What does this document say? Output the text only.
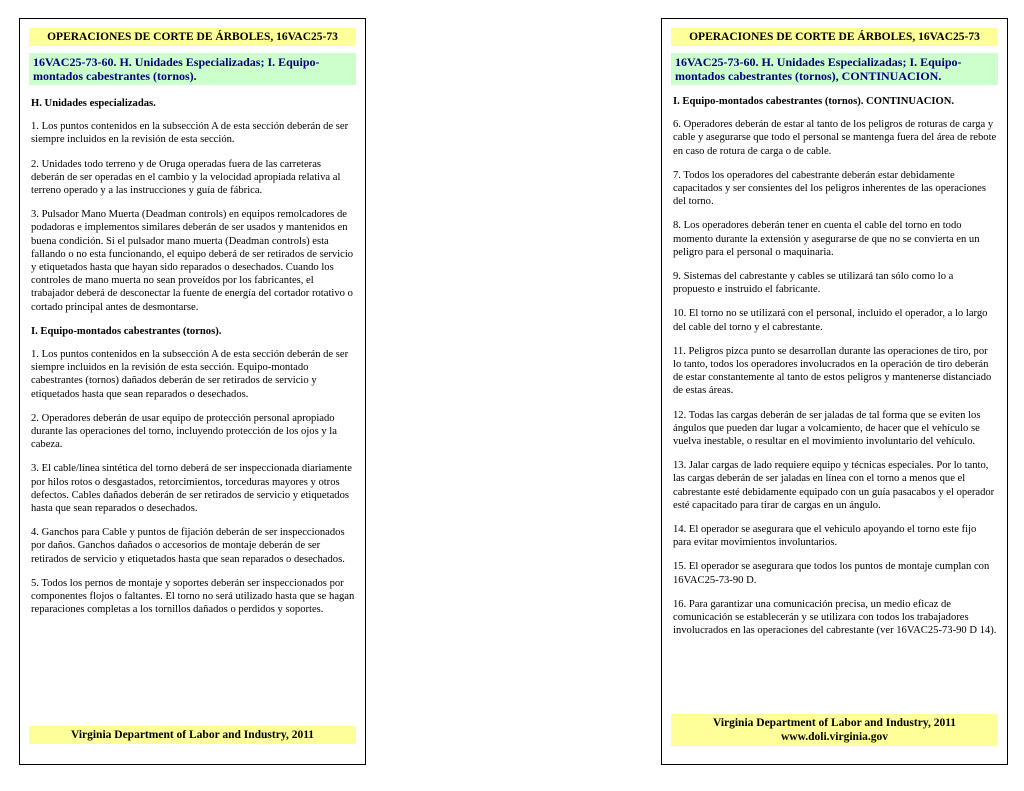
OPERACIONES DE CORTE DE ÁRBOLES, 16VAC25-73
16VAC25-73-60. H. Unidades Especializadas; I. Equipo-montados cabestrantes (tornos).

H. Unidades especializadas.

1. Los puntos contenidos en la subsección A de esta sección deberán de ser siempre incluidos en la revisión de esta sección.

2. Unidades todo terreno y de Oruga operadas fuera de las carreteras deberán de ser operadas en el cambio y la velocidad apropiada relativa al terreno operado y a las instrucciones y guía de fábrica.

3. Pulsador Mano Muerta (Deadman controls) en equipos remolcadores de podadoras e implementos similares deberán de ser usados y mantenidos en buena condición. Si el pulsador mano muerta (Deadman controls) esta fallando o no esta funcionando, el equipo deberá de ser retirados de servicio y etiquetados hasta que hayan sido reparados o desechados. Cuando los controles de mano muerta no sean proveídos por los fabricantes, el trabajador deberá de desconectar la fuente de energía del cortador rotativo o cortado principal antes de desmontarse.

I. Equipo-montados cabestrantes (tornos).

1. Los puntos contenidos en la subsección A de esta sección deberán de ser siempre incluidos en la revisión de esta sección. Equipo-montado cabestrantes (tornos) dañados deberán de ser retirados de servicio y etiquetados hasta que sean reparados o desechados.

2. Operadores deberán de usar equipo de protección personal apropiado durante las operaciones del torno, incluyendo protección de los ojos y la cabeza.

3. El cable/línea sintética del torno deberá de ser inspeccionada diariamente por hilos rotos o desgastados, retorcimientos, torceduras mayores y otros defectos. Cables dañados deberán de ser retirados de servicio y etiquetados hasta que sean reparados o desechados.

4. Ganchos para Cable y puntos de fijación deberán de ser inspeccionados por daños. Ganchos dañados o accesorios de montaje deberán de ser retirados de servicio y etiquetados hasta que sean reparados o desechados.

5. Todos los pernos de montaje y soportes deberán ser inspeccionados por componentes flojos o faltantes. El torno no será utilizado hasta que se hagan reparaciones completas a los tornillos dañados o perdidos y soportes.

Virginia Department of Labor and Industry, 2011
OPERACIONES DE CORTE DE ÁRBOLES, 16VAC25-73
16VAC25-73-60. H. Unidades Especializadas; I. Equipo-montados cabestrantes (tornos), CONTINUACION.

I. Equipo-montados cabestrantes (tornos). CONTINUACION.

6. Operadores deberán de estar al tanto de los peligros de roturas de carga y cable y asegurarse que todo el personal se mantenga fuera del área de rebote en caso de rotura de carga o de cable.

7. Todos los operadores del cabestrante deberán estar debidamente capacitados y ser consientes del los peligros inherentes de las operaciones del torno.

8. Los operadores deberán tener en cuenta el cable del torno en todo momento durante la extensión y asegurarse de que no se convierta en un peligro para el personal o maquinaria.

9. Sistemas del cabrestante y cables se utilizará tan sólo como lo a propuesto e instruido el fabricante.

10. El torno no se utilizará con el personal, incluido el operador, a lo largo del cable del torno y el cabrestante.

11. Peligros pizca punto se desarrollan durante las operaciones de tiro, por lo tanto, todos los operadores involucrados en la operación de tiro deberán de estar constantemente al tanto de estos peligros y mantenerse distanciado de estas áreas.

12. Todas las cargas deberán de ser jaladas de tal forma que se eviten los ángulos que pueden dar lugar a volcamiento, de hacer que el vehículo se vuelva inestable, o resultar en el movimiento involuntario del vehículo.

13. Jalar cargas de lado requiere equipo y técnicas especiales. Por lo tanto, las cargas deberán de ser jaladas en línea con el torno a menos que el cabrestante esté debidamente equipado con un guía pasacabos y el operador esté capacitado para tirar de cargas en un ángulo.

14. El operador se asegurara que el vehiculo apoyando el torno este fijo para evitar movimientos involuntarios.

15. El operador se asegurara que todos los puntos de montaje cumplan con 16VAC25-73-90 D.

16. Para garantizar una comunicación precisa, un medio eficaz de comunicación se establecerán y se utilizara con todos los trabajadores involucrados en las operaciones del cabrestante (ver 16VAC25-73-90 D 14).

Virginia Department of Labor and Industry, 2011
www.doli.virginia.gov
